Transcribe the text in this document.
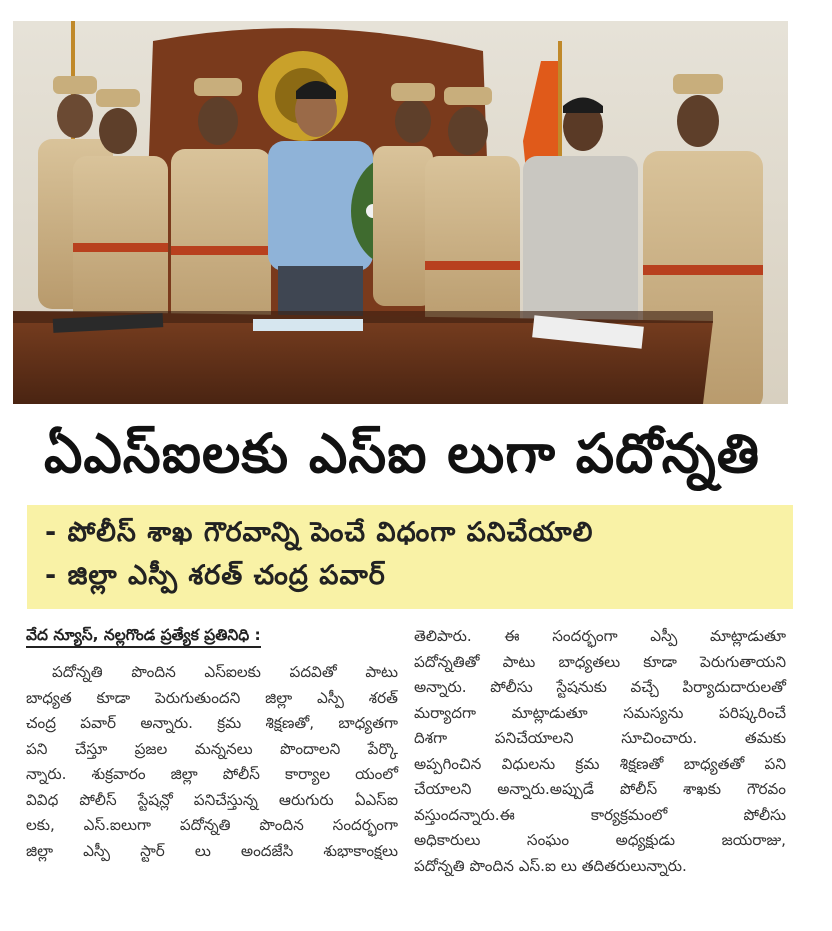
ఏఎస్ఐలకు ఎస్ఐ లుగా పదోన్నతి
- పోలీస్ శాఖ గౌరవాన్ని పెంచే విధంగా పనిచేయాలి
- జిల్లా ఎస్పీ శరత్ చంద్ర పవార్
వేద న్యూస్, నల్లగొండ ప్రత్యేక ప్రతినిధి :
పదోన్నతి పొందిన ఎస్ఐలకు పదవితో పాటు
బాధ్యత కూడా పెరుగుతుందని జిల్లా ఎస్పీ శరత్
చంద్ర పవార్ అన్నారు. క్రమ శిక్షణతో, బాధ్యతగా
పని చేస్తూ ప్రజల మన్ననలు పొందాలని పేర్కొ
న్నారు. శుక్రవారం జిల్లా పోలీస్ కార్యాల యంలో
వివిధ పోలీస్ స్టేషన్లో పనిచేస్తున్న ఆరుగురు ఏఎస్ఐ
లకు, ఎస్.ఐలుగా పదోన్నతి పొందిన సందర్భంగా
జిల్లా ఎస్పీ స్టార్ లు అందజేసి శుభాకాంక్షలు
తెలిపారు. ఈ సందర్భంగా ఎస్పీ మాట్లాడుతూ
పదోన్నతితో పాటు బాధ్యతలు కూడా పెరుగుతాయని
అన్నారు. పోలీసు స్టేషనుకు వచ్చే పిర్యాదుదారులతో
మర్యాదగా మాట్లాడుతూ సమస్యను పరిష్కరించే
దిశగా పనిచేయాలని సూచించారు. తమకు
అప్పగించిన విధులను క్రమ శిక్షణతో బాధ్యతతో పని
చేయాలని అన్నారు.అప్పుడే పోలీస్ శాఖకు గౌరవం
వస్తుందన్నారు.ఈ కార్యక్రమంలో పోలీసు
అధికారులు సంఘం అధ్యక్షుడు జయరాజు,
పదోన్నతి పొందిన ఎస్.ఐ లు తదితరులున్నారు.
